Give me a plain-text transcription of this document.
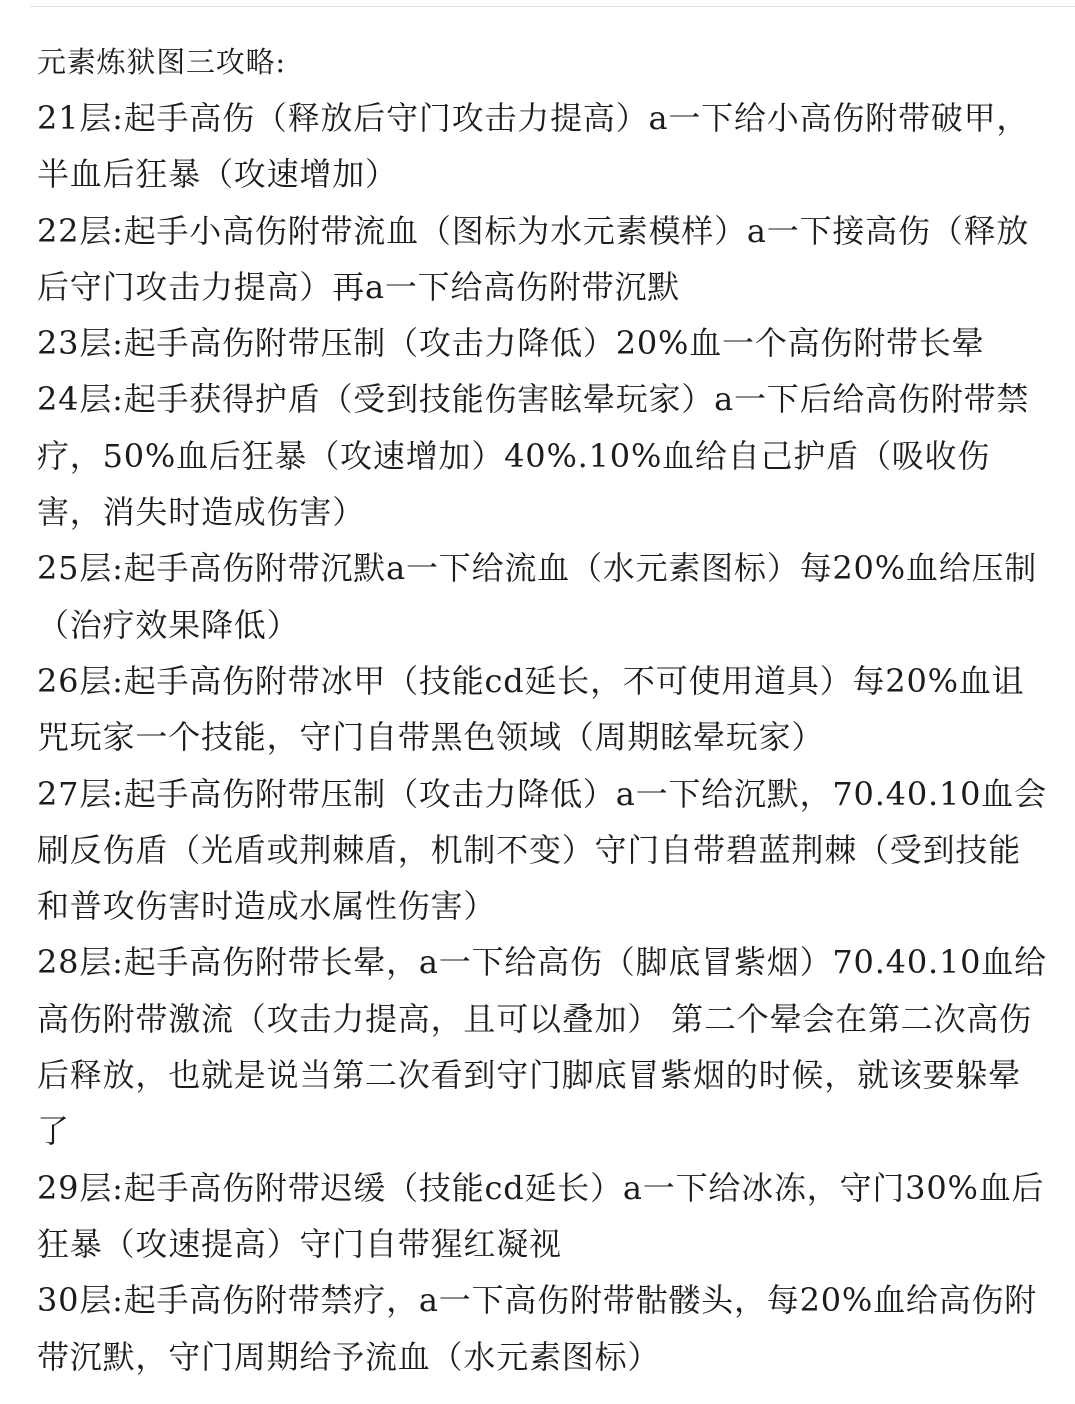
元素炼狱图三攻略:

21层:起手高伤（释放后守门攻击力提高）a一下给小高伤附带破甲，半血后狂暴（攻速增加）

22层:起手小高伤附带流血（图标为水元素模样）a一下接高伤（释放后守门攻击力提高）再a一下给高伤附带沉默

23层:起手高伤附带压制（攻击力降低）20%血一个高伤附带长晕

24层:起手获得护盾（受到技能伤害眩晕玩家）a一下后给高伤附带禁疗，50%血后狂暴（攻速增加）40%.10%血给自己护盾（吸收伤害，消失时造成伤害）

25层:起手高伤附带沉默a一下给流血（水元素图标）每20%血给压制（治疗效果降低）

26层:起手高伤附带冰甲（技能cd延长，不可使用道具）每20%血诅咒玩家一个技能，守门自带黑色领域（周期眩晕玩家）

27层:起手高伤附带压制（攻击力降低）a一下给沉默，70.40.10血会刷反伤盾（光盾或荆棘盾，机制不变）守门自带碧蓝荆棘（受到技能和普攻伤害时造成水属性伤害）

28层:起手高伤附带长晕，a一下给高伤（脚底冒紫烟）70.40.10血给高伤附带激流（攻击力提高，且可以叠加） 第二个晕会在第二次高伤后释放，也就是说当第二次看到守门脚底冒紫烟的时候，就该要躲晕了

29层:起手高伤附带迟缓（技能cd延长）a一下给冰冻，守门30%血后狂暴（攻速提高）守门自带猩红凝视

30层:起手高伤附带禁疗，a一下高伤附带骷髅头，每20%血给高伤附带沉默，守门周期给予流血（水元素图标）
